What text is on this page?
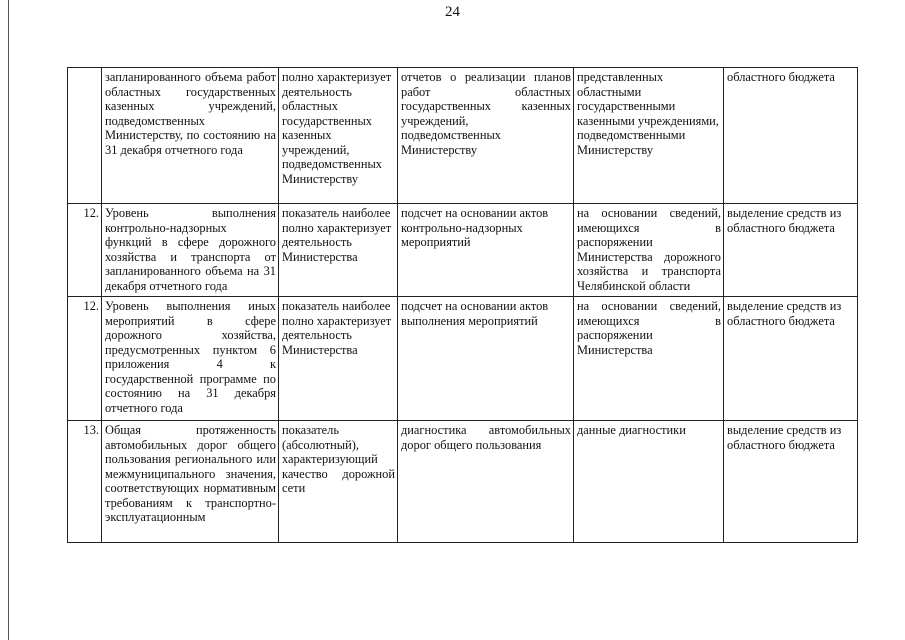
24
	запланированного объема работ областных государственных казенных учреждений, подведомственных Министерству, по состоянию на 31 декабря отчетного года	полно характеризует деятельность областных государственных казенных учреждений, подведомственных Министерству	отчетов о реализации планов работ областных государственных казенных учреждений, подведомственных Министерству	представленных областными государственными казенными учреждениями, подведомственными Министерству	областного бюджета
12.	Уровень выполнения контрольно-надзорных функций в сфере дорожного хозяйства и транспорта от запланированного объема на 31 декабря отчетного года	показатель наиболее полно характеризует деятельность Министерства	подсчет на основании актов контрольно-надзорных мероприятий	на основании сведений, имеющихся в распоряжении Министерства дорожного хозяйства и транспорта Челябинской области	выделение средств из областного бюджета
12.	Уровень выполнения иных мероприятий в сфере дорожного хозяйства, предусмотренных пунктом 6 приложения 4 к государственной программе по состоянию на 31 декабря отчетного года	показатель наиболее полно характеризует деятельность Министерства	подсчет на основании актов выполнения мероприятий	на основании сведений, имеющихся в распоряжении Министерства	выделение средств из областного бюджета
13.	Общая протяженность автомобильных дорог общего пользования регионального или межмуниципального значения, соответствующих нормативным требованиям к транспортно-эксплуатационным	показатель (абсолютный), характеризующий качество дорожной сети	диагностика автомобильных дорог общего пользования	данные диагностики	выделение средств из областного бюджета
